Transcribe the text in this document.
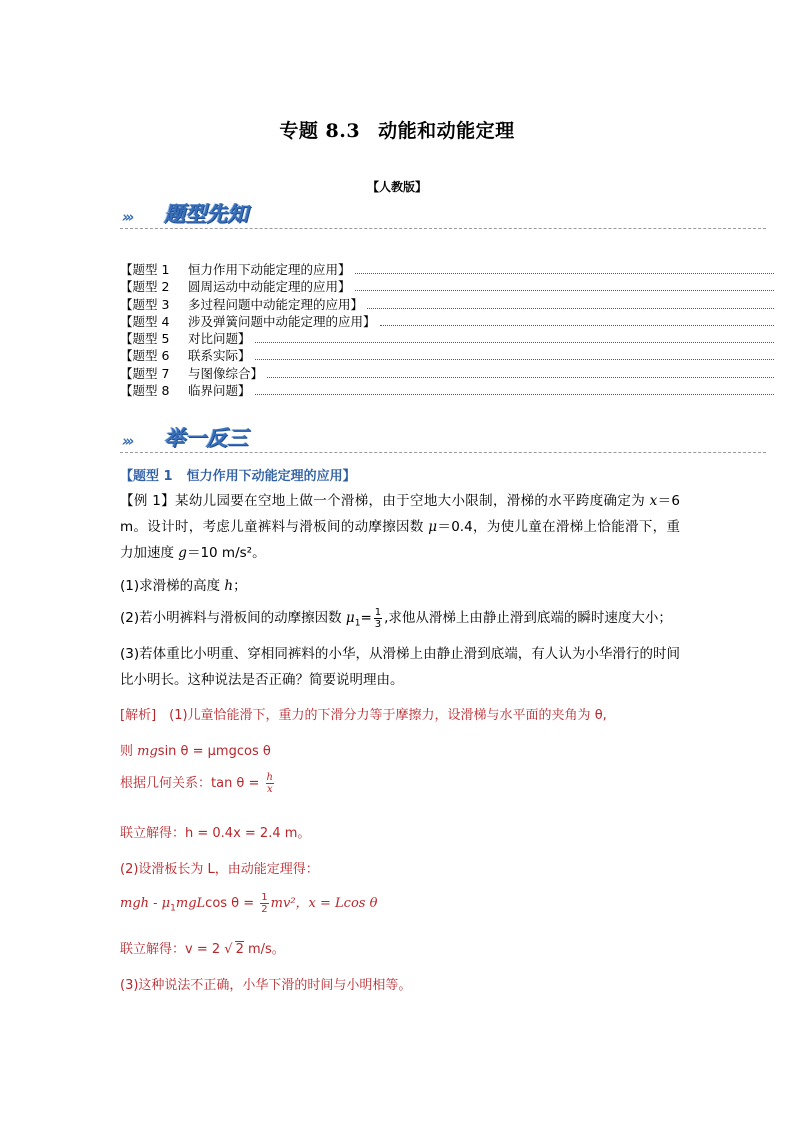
专题 8.3 动能和动能定理
【人教版】
››› 题型先知
【题型 1　 恒力作用下动能定理的应用】
【题型 2　 圆周运动中动能定理的应用】
【题型 3　 多过程问题中动能定理的应用】
【题型 4　 涉及弹簧问题中动能定理的应用】
【题型 5　 对比问题】
【题型 6　 联系实际】
【题型 7　 与图像综合】
【题型 8　 临界问题】
››› 举一反三
【题型 1 恒力作用下动能定理的应用】
【例 1】某幼儿园要在空地上做一个滑梯，由于空地大小限制，滑梯的水平跨度确定为 x＝6 m。设计时，考虑儿童裤料与滑板间的动摩擦因数 μ＝0.4，为使儿童在滑梯上恰能滑下，重力加速度 g＝10 m/s²。
(1)求滑梯的高度 h；
(2)若小明裤料与滑板间的动摩擦因数 $\mu_1= \frac{1}{3}$ ,求他从滑梯上由静止滑到底端的瞬时速度大小；
(3)若体重比小明重、穿相同裤料的小华，从滑梯上由静止滑到底端，有人认为小华滑行的时间比小明长。这种说法是否正确？简要说明理由。
[解析]　(1)儿童恰能滑下，重力的下滑分力等于摩擦力，设滑梯与水平面的夹角为 θ,
则 mgsin θ = μmgcos θ
根据几何关系：$\tan \theta = \frac{h}{x}$
联立解得：h = 0.4x = 2.4 m。
(2)设滑板长为 L，由动能定理得：
mgh - $\mu_1mgLcos$ $\theta = \frac{1}{2} mv^2$，x = Lcos θ
联立解得：v = 2 √ 2 m/s。
(3)这种说法不正确，小华下滑的时间与小明相等。
